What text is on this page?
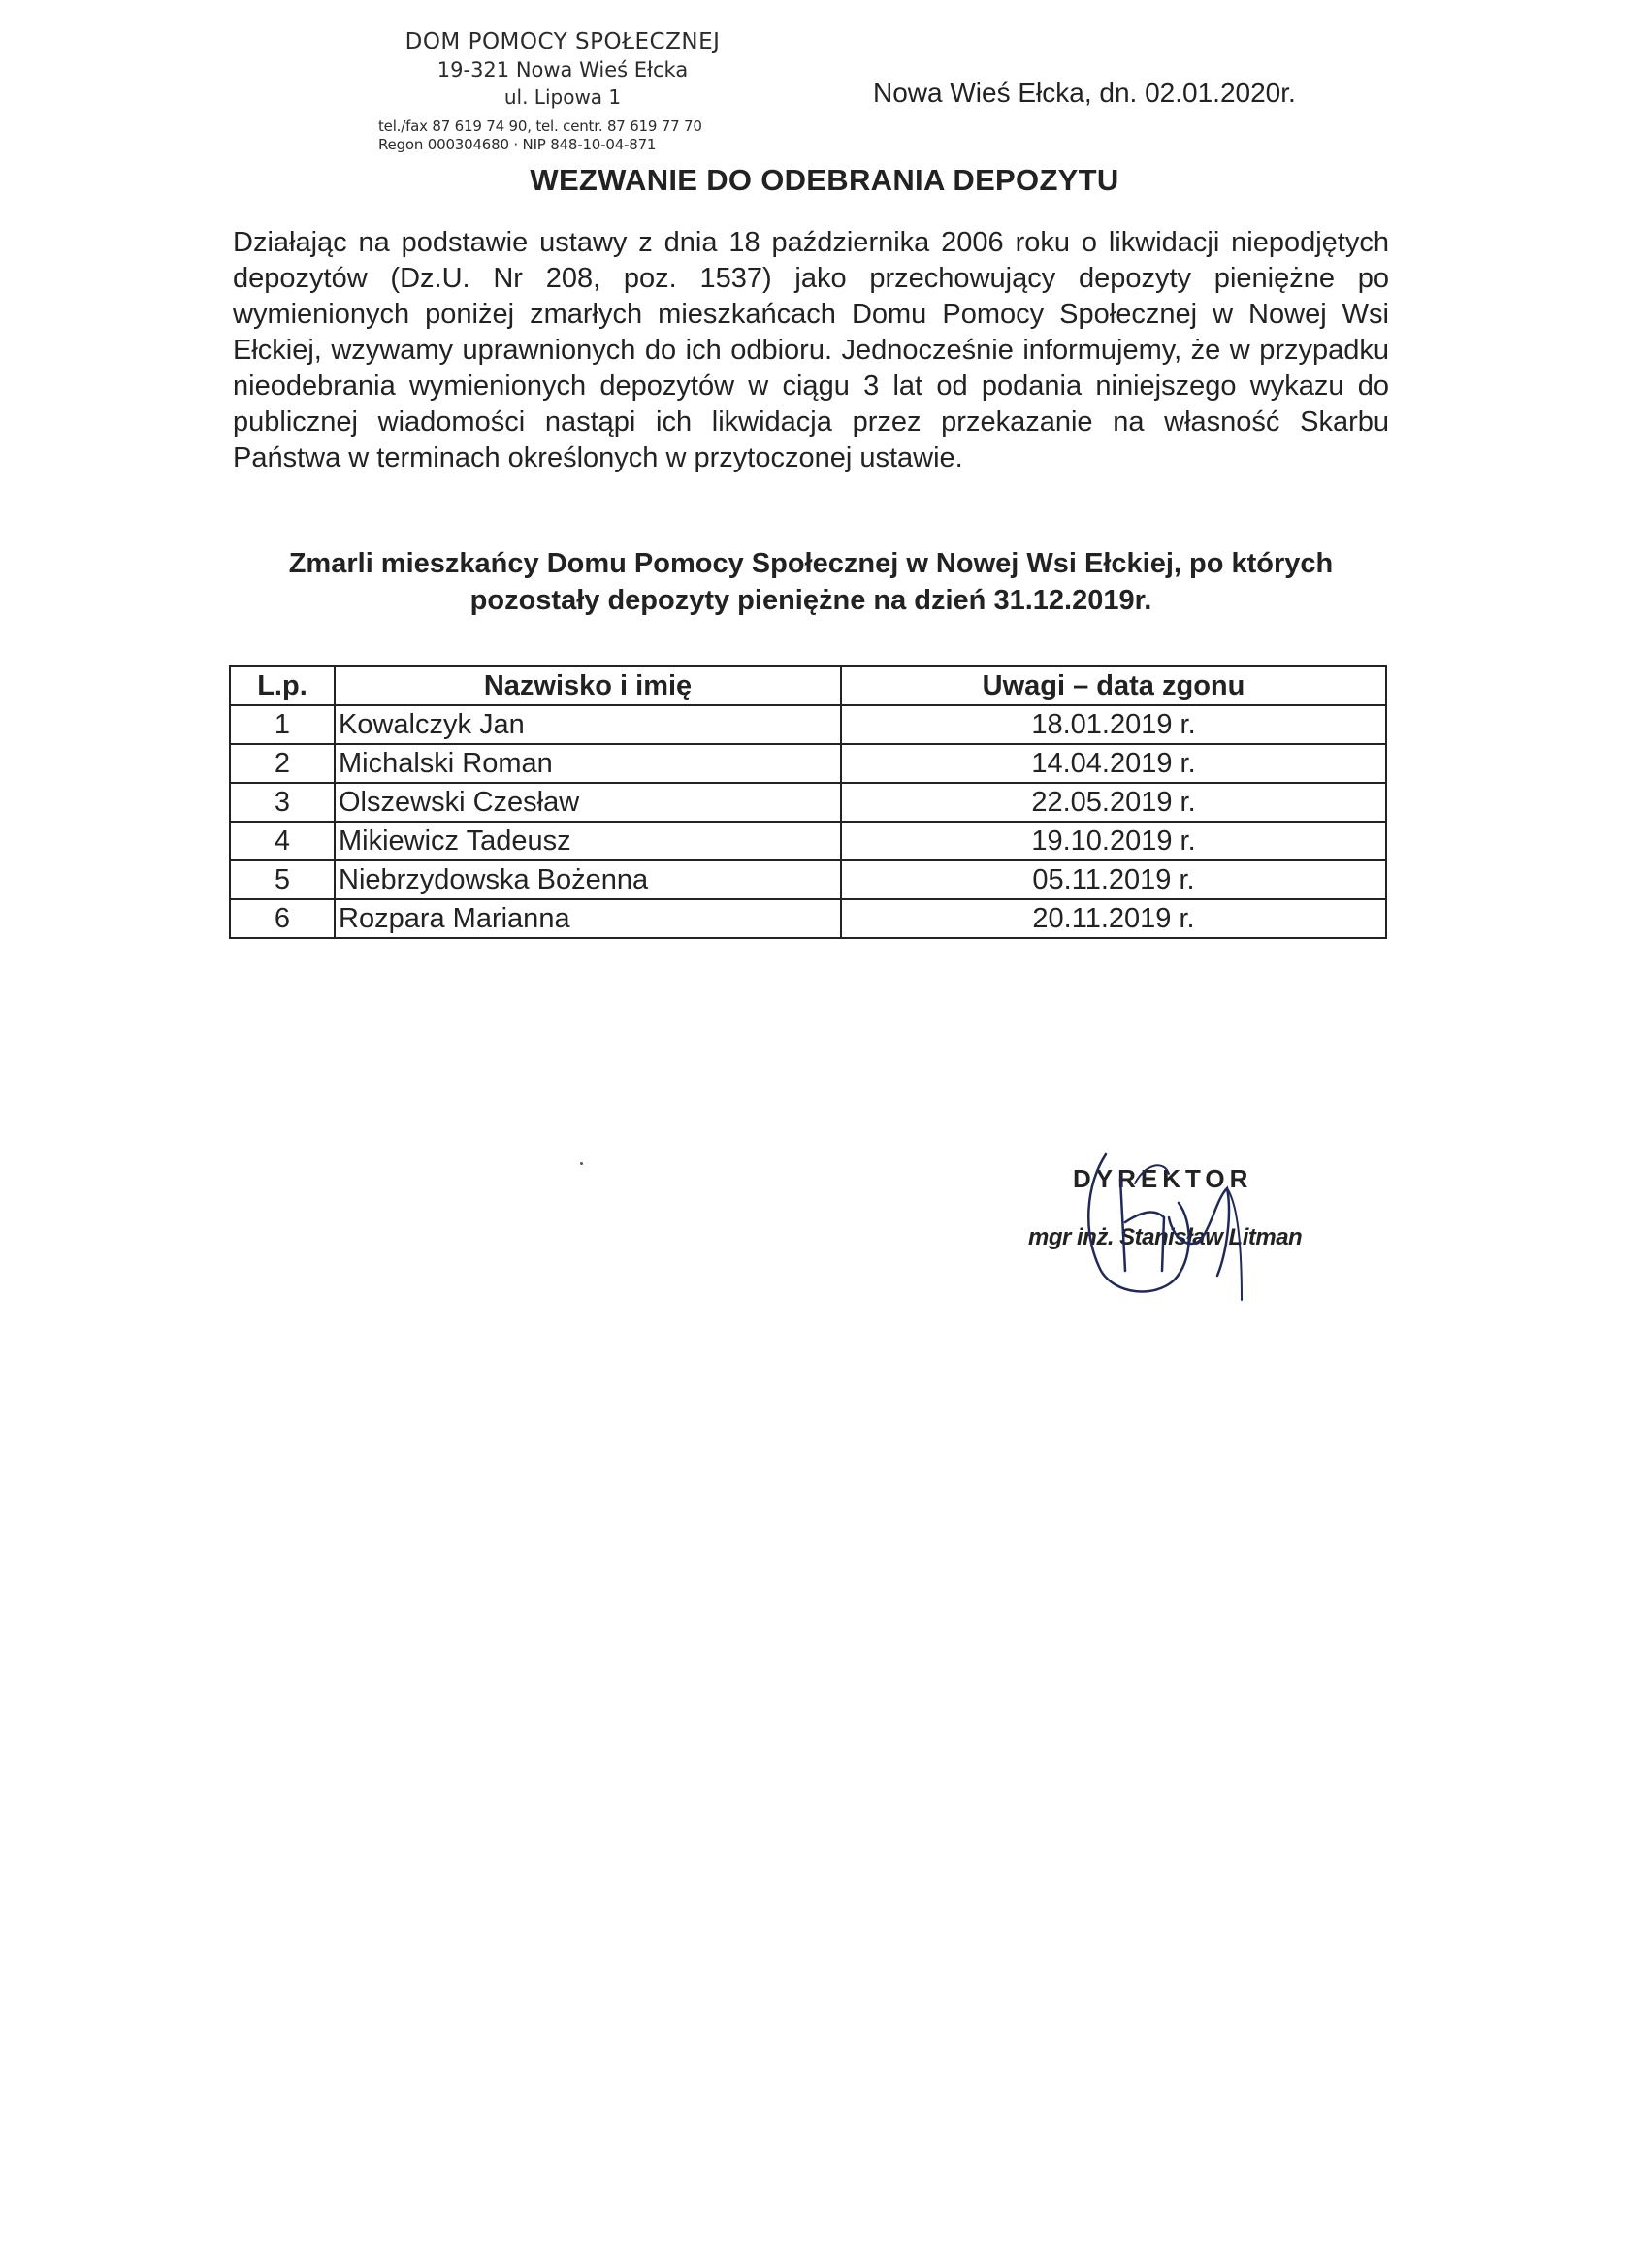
DOM POMOCY SPOŁECZNEJ
19-321 Nowa Wieś Ełcka
ul. Lipowa 1
tel./fax 87 619 74 90, tel. centr. 87 619 77 70
Regon 000304680 · NIP 848-10-04-871
Nowa Wieś Ełcka, dn. 02.01.2020r.
WEZWANIE DO ODEBRANIA DEPOZYTU
Działając na podstawie ustawy z dnia 18 października 2006 roku o likwidacji niepodjętych depozytów (Dz.U. Nr 208, poz. 1537) jako przechowujący depozyty pieniężne po wymienionych poniżej zmarłych mieszkańcach Domu Pomocy Społecznej w Nowej Wsi Ełckiej, wzywamy uprawnionych do ich odbioru. Jednocześnie informujemy, że w przypadku nieodebrania wymienionych depozytów w ciągu 3 lat od podania niniejszego wykazu do publicznej wiadomości nastąpi ich likwidacja przez przekazanie na własność Skarbu Państwa w terminach określonych w przytoczonej ustawie.
Zmarli mieszkańcy Domu Pomocy Społecznej w Nowej Wsi Ełckiej, po których pozostały depozyty pieniężne na dzień 31.12.2019r.
L.p.	Nazwisko i imię	Uwagi – data zgonu
1	Kowalczyk Jan	18.01.2019 r.
2	Michalski Roman	14.04.2019 r.
3	Olszewski Czesław	22.05.2019 r.
4	Mikiewicz Tadeusz	19.10.2019 r.
5	Niebrzydowska Bożenna	05.11.2019 r.
6	Rozpara Marianna	20.11.2019 r.
DYREKTOR
mgr inż. Stanisław Litman
